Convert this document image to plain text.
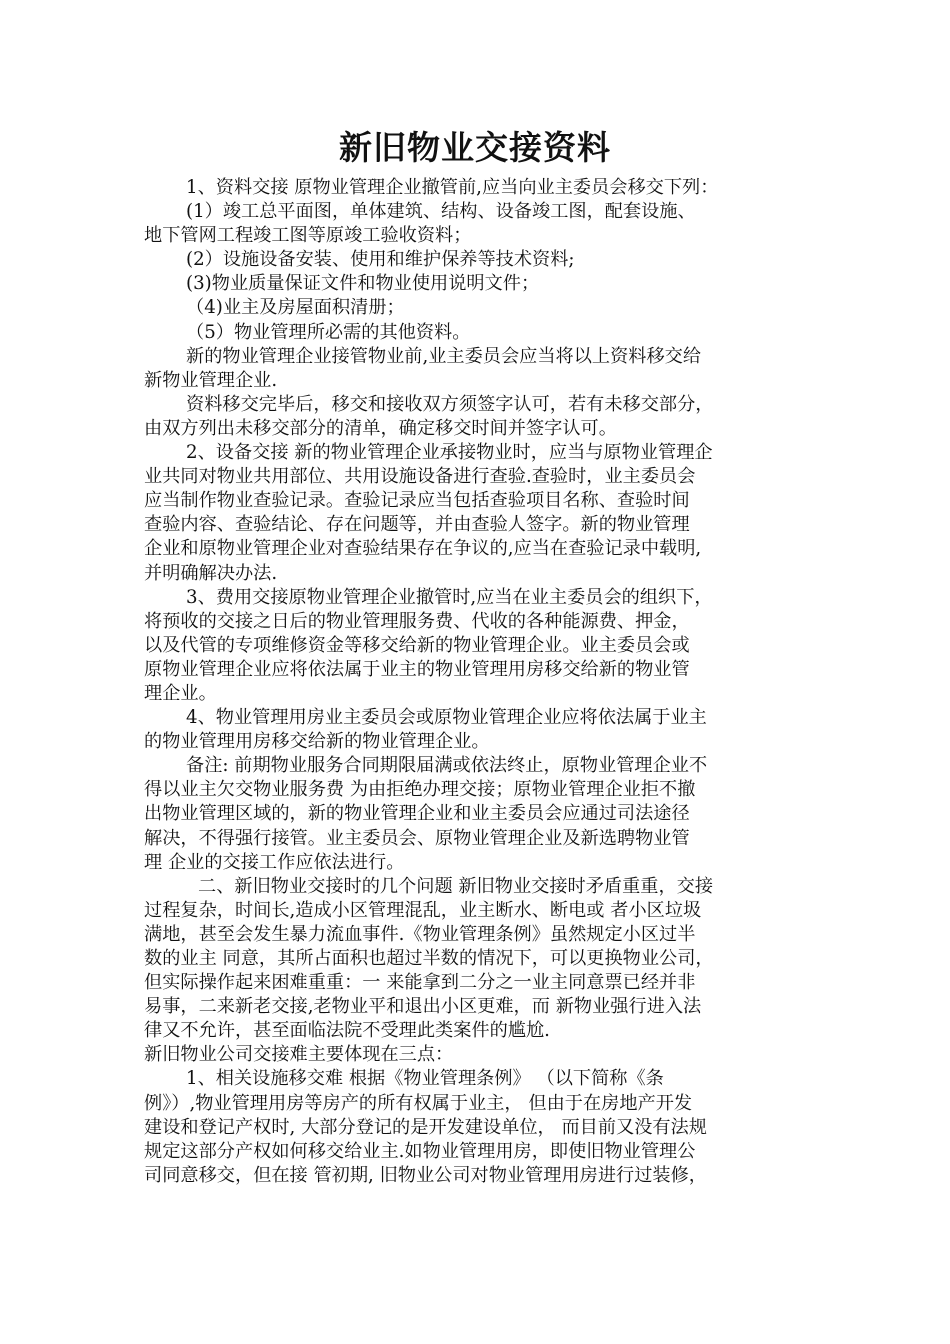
新旧物业交接资料

1、资料交接 原物业管理企业撤管前,应当向业主委员会移交下列：

(1）竣工总平面图，单体建筑、结构、设备竣工图，配套设施、

地下管网工程竣工图等原竣工验收资料；

(2）设施设备安装、使用和维护保养等技术资料;

(3)物业质量保证文件和物业使用说明文件；

（4)业主及房屋面积清册；

（5）物业管理所必需的其他资料。

新的物业管理企业接管物业前,业主委员会应当将以上资料移交给

新物业管理企业.

资料移交完毕后，移交和接收双方须签字认可，若有未移交部分，

由双方列出未移交部分的清单，确定移交时间并签字认可。

2、设备交接 新的物业管理企业承接物业时，应当与原物业管理企

业共同对物业共用部位、共用设施设备进行查验.查验时，业主委员会

应当制作物业查验记录。查验记录应当包括查验项目名称、查验时间

查验内容、查验结论、存在问题等，并由查验人签字。新的物业管理

企业和原物业管理企业对查验结果存在争议的,应当在查验记录中载明,

并明确解决办法.

3、费用交接原物业管理企业撤管时,应当在业主委员会的组织下，

将预收的交接之日后的物业管理服务费、代收的各种能源费、押金，

以及代管的专项维修资金等移交给新的物业管理企业。业主委员会或

原物业管理企业应将依法属于业主的物业管理用房移交给新的物业管

理企业。

4、物业管理用房业主委员会或原物业管理企业应将依法属于业主

的物业管理用房移交给新的物业管理企业。

备注: 前期物业服务合同期限届满或依法终止，原物业管理企业不

得以业主欠交物业服务费 为由拒绝办理交接；原物业管理企业拒不撤

出物业管理区域的，新的物业管理企业和业主委员会应通过司法途径

解决，不得强行接管。业主委员会、原物业管理企业及新选聘物业管

理 企业的交接工作应依法进行。

二、新旧物业交接时的几个问题 新旧物业交接时矛盾重重，交接

过程复杂，时间长,造成小区管理混乱，业主断水、断电或 者小区垃圾

满地，甚至会发生暴力流血事件.《物业管理条例》虽然规定小区过半

数的业主 同意，其所占面积也超过半数的情况下，可以更换物业公司，

但实际操作起来困难重重：一 来能拿到二分之一业主同意票已经并非

易事，二来新老交接,老物业平和退出小区更难，而 新物业强行进入法

律又不允许，甚至面临法院不受理此类案件的尴尬.

新旧物业公司交接难主要体现在三点：

1、相关设施移交难 根据《物业管理条例》 （以下简称《条

例》）,物业管理用房等房产的所有权属于业主， 但由于在房地产开发

建设和登记产权时, 大部分登记的是开发建设单位， 而目前又没有法规

规定这部分产权如何移交给业主.如物业管理用房，即使旧物业管理公

司同意移交，但在接 管初期, 旧物业公司对物业管理用房进行过装修，
